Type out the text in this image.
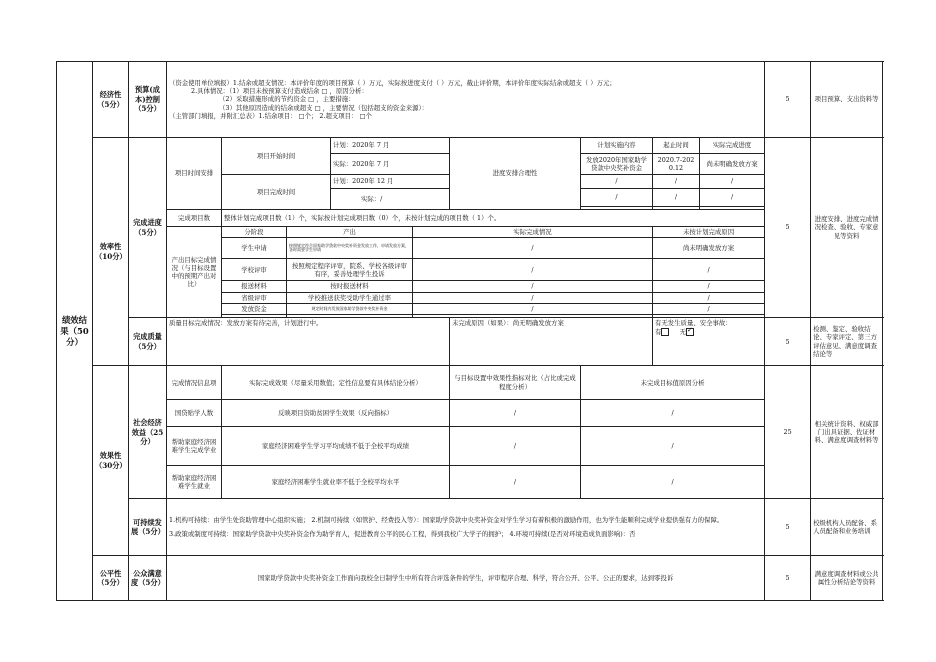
绩效结果（50分）	经济性（5分）	预算(成本)控制（5分）	（资金使用单位填报）1.结余或超支情况：本评价年度的项目预算（ ）万元，实际按进度支付（ ）万元，截止评价期，本评价年度实际结余或超支（ ）万元；
2.具体情况：（1）项目未按预算支付造成结余 □ ，原因分析：
（2）采取措施形成的节约资金 □ ，主要措施：
（3）其他原因造成的结余或超支 □ ，主要情况（包括超支的资金来源）：
（主管部门填报，并附汇总表）1.结余项目： □个； 2.超支项目： □个									5	项目预算、支出资料等
	效率性（10分）	完成进度（5分）	项目时间安排	项目开始时间		计划：2020年 7 月		进度安排合理性	计划实施内容	起止时间	实际完成进度	5	进度安排、进度完成情况检查、验收、专家意见等资料
						实际：2020年 7 月			发放2020年国家助学贷款中央奖补资金	2020.7-2020.12	尚未明确发放方案		
				项目完成时间		计划：2020年 12 月			/	/	/		
						实际：/			/	/	/		

			完成项目数	整体计划完成项目数（1）个，实际按计划完成项目数（0）个，未按计划完成的项目数（ 1）个。									
			产出目标完成情况（与目标设置中的预期产出对比）	分阶段	产出		实际完成情况			未按计划完成原因			
				学生申请	按照规定符合国家助学贷款中央奖补资金发放工作，申请发放方案，各时需要学生申请		/			尚未明确发放方案			
				学校评审	按照规定程序评审，院系、学校各级评审有序，妥善处理学生投诉		/			/			
				报送材料	按时报送材料		/			/			
				省级评审	学校推送获奖受助学生通过率		/			/			
				发放资金	规定时间内发放国家助学贷款中央奖补资金		/			/			

		完成质量（5分）	质量目标完成情况：发放方案有待完善，计划进行中。					未完成原因（如果）：尚无明确发放方案		有无发生质量、安全事故：
有 无✓		5	检测、鉴定、验收结论、专家评定、第三方评估意见、满意度调查结论等
	效果性（30分）	社会经济效益（25分）	完成情况信息项	实际完成效果（尽量采用数值；定性信息要有具体结论分析）				与目标设置中效果性指标对比（占比或完成程度分析）	未完成目标值原因分析			25	相关统计资料、权威部门出具证据、佐证材料、满意度调查材料等
			国贷贴学人数	反映项目资助贫困学生效果（反向指标）				/	/				
			帮助家庭经济困难学生完成学业	家庭经济困难学生学习平均成绩不低于全校平均成绩				/	/				
			帮助家庭经济困难学生就业	家庭经济困难学生就业率不低于全校平均水平				/	/				
		可持续发展（5分）	1.机构可持续：由学生处资助管理中心组织实施； 2.机制可持续（如管护、经费投入等）：国家助学贷款中央奖补资金对学生学习有着积极的激励作用，也为学生能顺利完成学业提供强有力的保障。
3.政策或制度可持续：国家助学贷款中央奖补资金作为助学育人，促进教育公平的民心工程，得到我校广大学子的拥护； 4.环境可持续(是否对环境造成负面影响)：否									5	校级机构人员配备、系人员配备和业务培训
	公平性（5分）	公众满意度（5分）	国家助学贷款中央奖补资金工作面向我校全日制学生中所有符合评选条件的学生，评审程序合理、科学，符合公开、公平、公正的要求，达到零投诉									5	满意度调查材料或公共属性分析结论等资料
